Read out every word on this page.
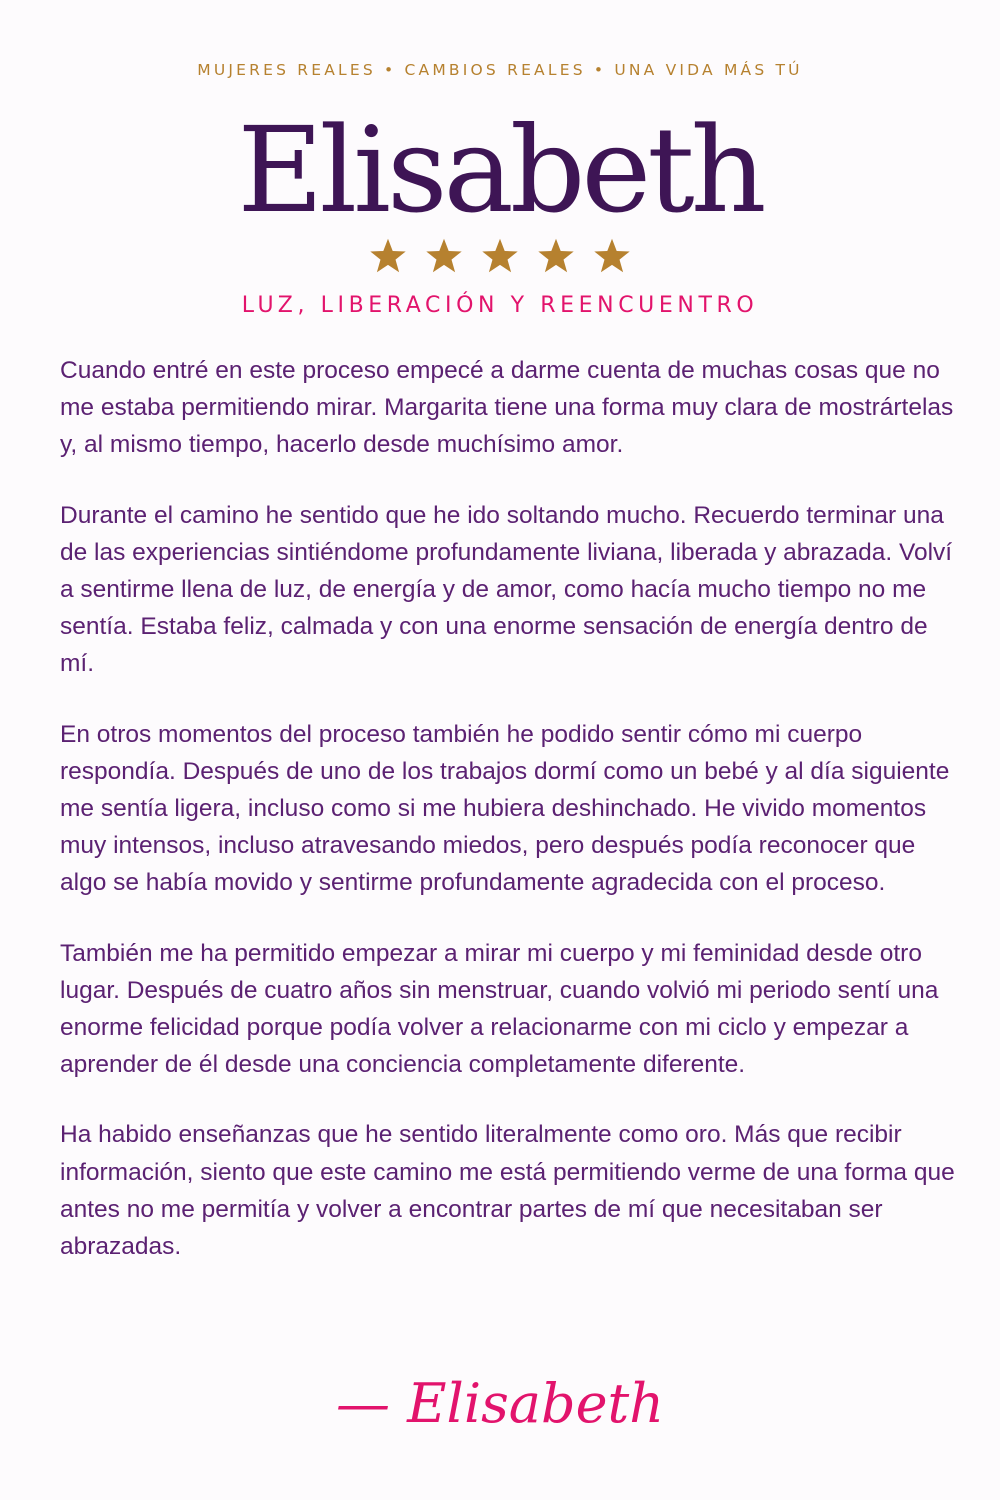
MUJERES REALES • CAMBIOS REALES • UNA VIDA MÁS TÚ
Elisabeth
LUZ, LIBERACIÓN Y REENCUENTRO

Cuando entré en este proceso empecé a darme cuenta de muchas cosas que no me estaba permitiendo mirar. Margarita tiene una forma muy clara de mostrártelas y, al mismo tiempo, hacerlo desde muchísimo amor.

Durante el camino he sentido que he ido soltando mucho. Recuerdo terminar una de las experiencias sintiéndome profundamente liviana, liberada y abrazada. Volví a sentirme llena de luz, de energía y de amor, como hacía mucho tiempo no me sentía. Estaba feliz, calmada y con una enorme sensación de energía dentro de mí.

En otros momentos del proceso también he podido sentir cómo mi cuerpo respondía. Después de uno de los trabajos dormí como un bebé y al día siguiente me sentía ligera, incluso como si me hubiera deshinchado. He vivido momentos muy intensos, incluso atravesando miedos, pero después podía reconocer que algo se había movido y sentirme profundamente agradecida con el proceso.

También me ha permitido empezar a mirar mi cuerpo y mi feminidad desde otro lugar. Después de cuatro años sin menstruar, cuando volvió mi periodo sentí una enorme felicidad porque podía volver a relacionarme con mi ciclo y empezar a aprender de él desde una conciencia completamente diferente.

Ha habido enseñanzas que he sentido literalmente como oro. Más que recibir información, siento que este camino me está permitiendo verme de una forma que antes no me permitía y volver a encontrar partes de mí que necesitaban ser abrazadas.

— Elisabeth
